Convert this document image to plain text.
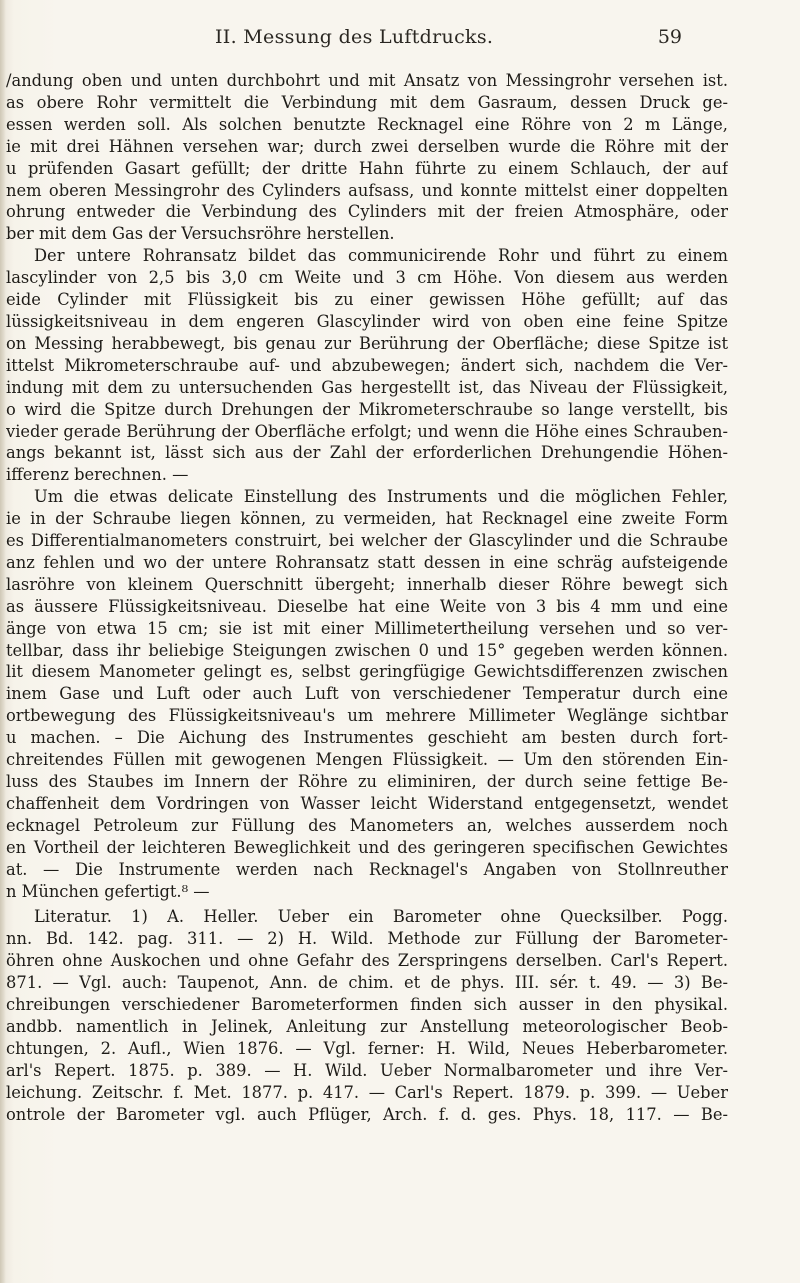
II. Messung des Luftdrucks.	59
/andung oben und unten durchbohrt und mit Ansatz von Messingrohr versehen ist.
as obere Rohr vermittelt die Verbindung mit dem Gasraum, dessen Druck ge-
essen werden soll. Als solchen benutzte Recknagel eine Röhre von 2 m Länge,
ie mit drei Hähnen versehen war; durch zwei derselben wurde die Röhre mit der
u prüfenden Gasart gefüllt; der dritte Hahn führte zu einem Schlauch, der auf
nem oberen Messingrohr des Cylinders aufsass, und konnte mittelst einer doppelten
ohrung entweder die Verbindung des Cylinders mit der freien Atmosphäre, oder
ber mit dem Gas der Versuchsröhre herstellen.
Der untere Rohransatz bildet das communicirende Rohr und führt zu einem
lascylinder von 2,5 bis 3,0 cm Weite und 3 cm Höhe. Von diesem aus werden
eide Cylinder mit Flüssigkeit bis zu einer gewissen Höhe gefüllt; auf das
lüssigkeitsniveau in dem engeren Glascylinder wird von oben eine feine Spitze
on Messing herabbewegt, bis genau zur Berührung der Oberfläche; diese Spitze ist
ittelst Mikrometerschraube auf- und abzubewegen; ändert sich, nachdem die Ver-
indung mit dem zu untersuchenden Gas hergestellt ist, das Niveau der Flüssigkeit,
o wird die Spitze durch Drehungen der Mikrometerschraube so lange verstellt, bis
vieder gerade Berührung der Oberfläche erfolgt; und wenn die Höhe eines Schrauben-
angs bekannt ist, lässt sich aus der Zahl der erforderlichen Drehungendie Höhen-
ifferenz berechnen. —
Um die etwas delicate Einstellung des Instruments und die möglichen Fehler,
ie in der Schraube liegen können, zu vermeiden, hat Recknagel eine zweite Form
es Differentialmanometers construirt, bei welcher der Glascylinder und die Schraube
anz fehlen und wo der untere Rohransatz statt dessen in eine schräg aufsteigende
lasröhre von kleinem Querschnitt übergeht; innerhalb dieser Röhre bewegt sich
as äussere Flüssigkeitsniveau. Dieselbe hat eine Weite von 3 bis 4 mm und eine
änge von etwa 15 cm; sie ist mit einer Millimetertheilung versehen und so ver-
tellbar, dass ihr beliebige Steigungen zwischen 0 und 15° gegeben werden können.
lit diesem Manometer gelingt es, selbst geringfügige Gewichtsdifferenzen zwischen
inem Gase und Luft oder auch Luft von verschiedener Temperatur durch eine
ortbewegung des Flüssigkeitsniveau's um mehrere Millimeter Weglänge sichtbar
u machen. – Die Aichung des Instrumentes geschieht am besten durch fort-
chreitendes Füllen mit gewogenen Mengen Flüssigkeit. — Um den störenden Ein-
luss des Staubes im Innern der Röhre zu eliminiren, der durch seine fettige Be-
chaffenheit dem Vordringen von Wasser leicht Widerstand entgegensetzt, wendet
ecknagel Petroleum zur Füllung des Manometers an, welches ausserdem noch
en Vortheil der leichteren Beweglichkeit und des geringeren specifischen Gewichtes
at. — Die Instrumente werden nach Recknagel's Angaben von Stollnreuther
n München gefertigt.⁸ —
Literatur. 1) A. Heller. Ueber ein Barometer ohne Quecksilber. Pogg.
nn. Bd. 142. pag. 311. — 2) H. Wild. Methode zur Füllung der Barometer-
öhren ohne Auskochen und ohne Gefahr des Zerspringens derselben. Carl's Repert.
871. — Vgl. auch: Taupenot, Ann. de chim. et de phys. III. sér. t. 49. — 3) Be-
chreibungen verschiedener Barometerformen finden sich ausser in den physikal.
andbb. namentlich in Jelinek, Anleitung zur Anstellung meteorologischer Beob-
chtungen, 2. Aufl., Wien 1876. — Vgl. ferner: H. Wild, Neues Heberbarometer.
arl's Repert. 1875. p. 389. — H. Wild. Ueber Normalbarometer und ihre Ver-
leichung. Zeitschr. f. Met. 1877. p. 417. — Carl's Repert. 1879. p. 399. — Ueber
ontrole der Barometer vgl. auch Pflüger, Arch. f. d. ges. Phys. 18, 117. — Be-
